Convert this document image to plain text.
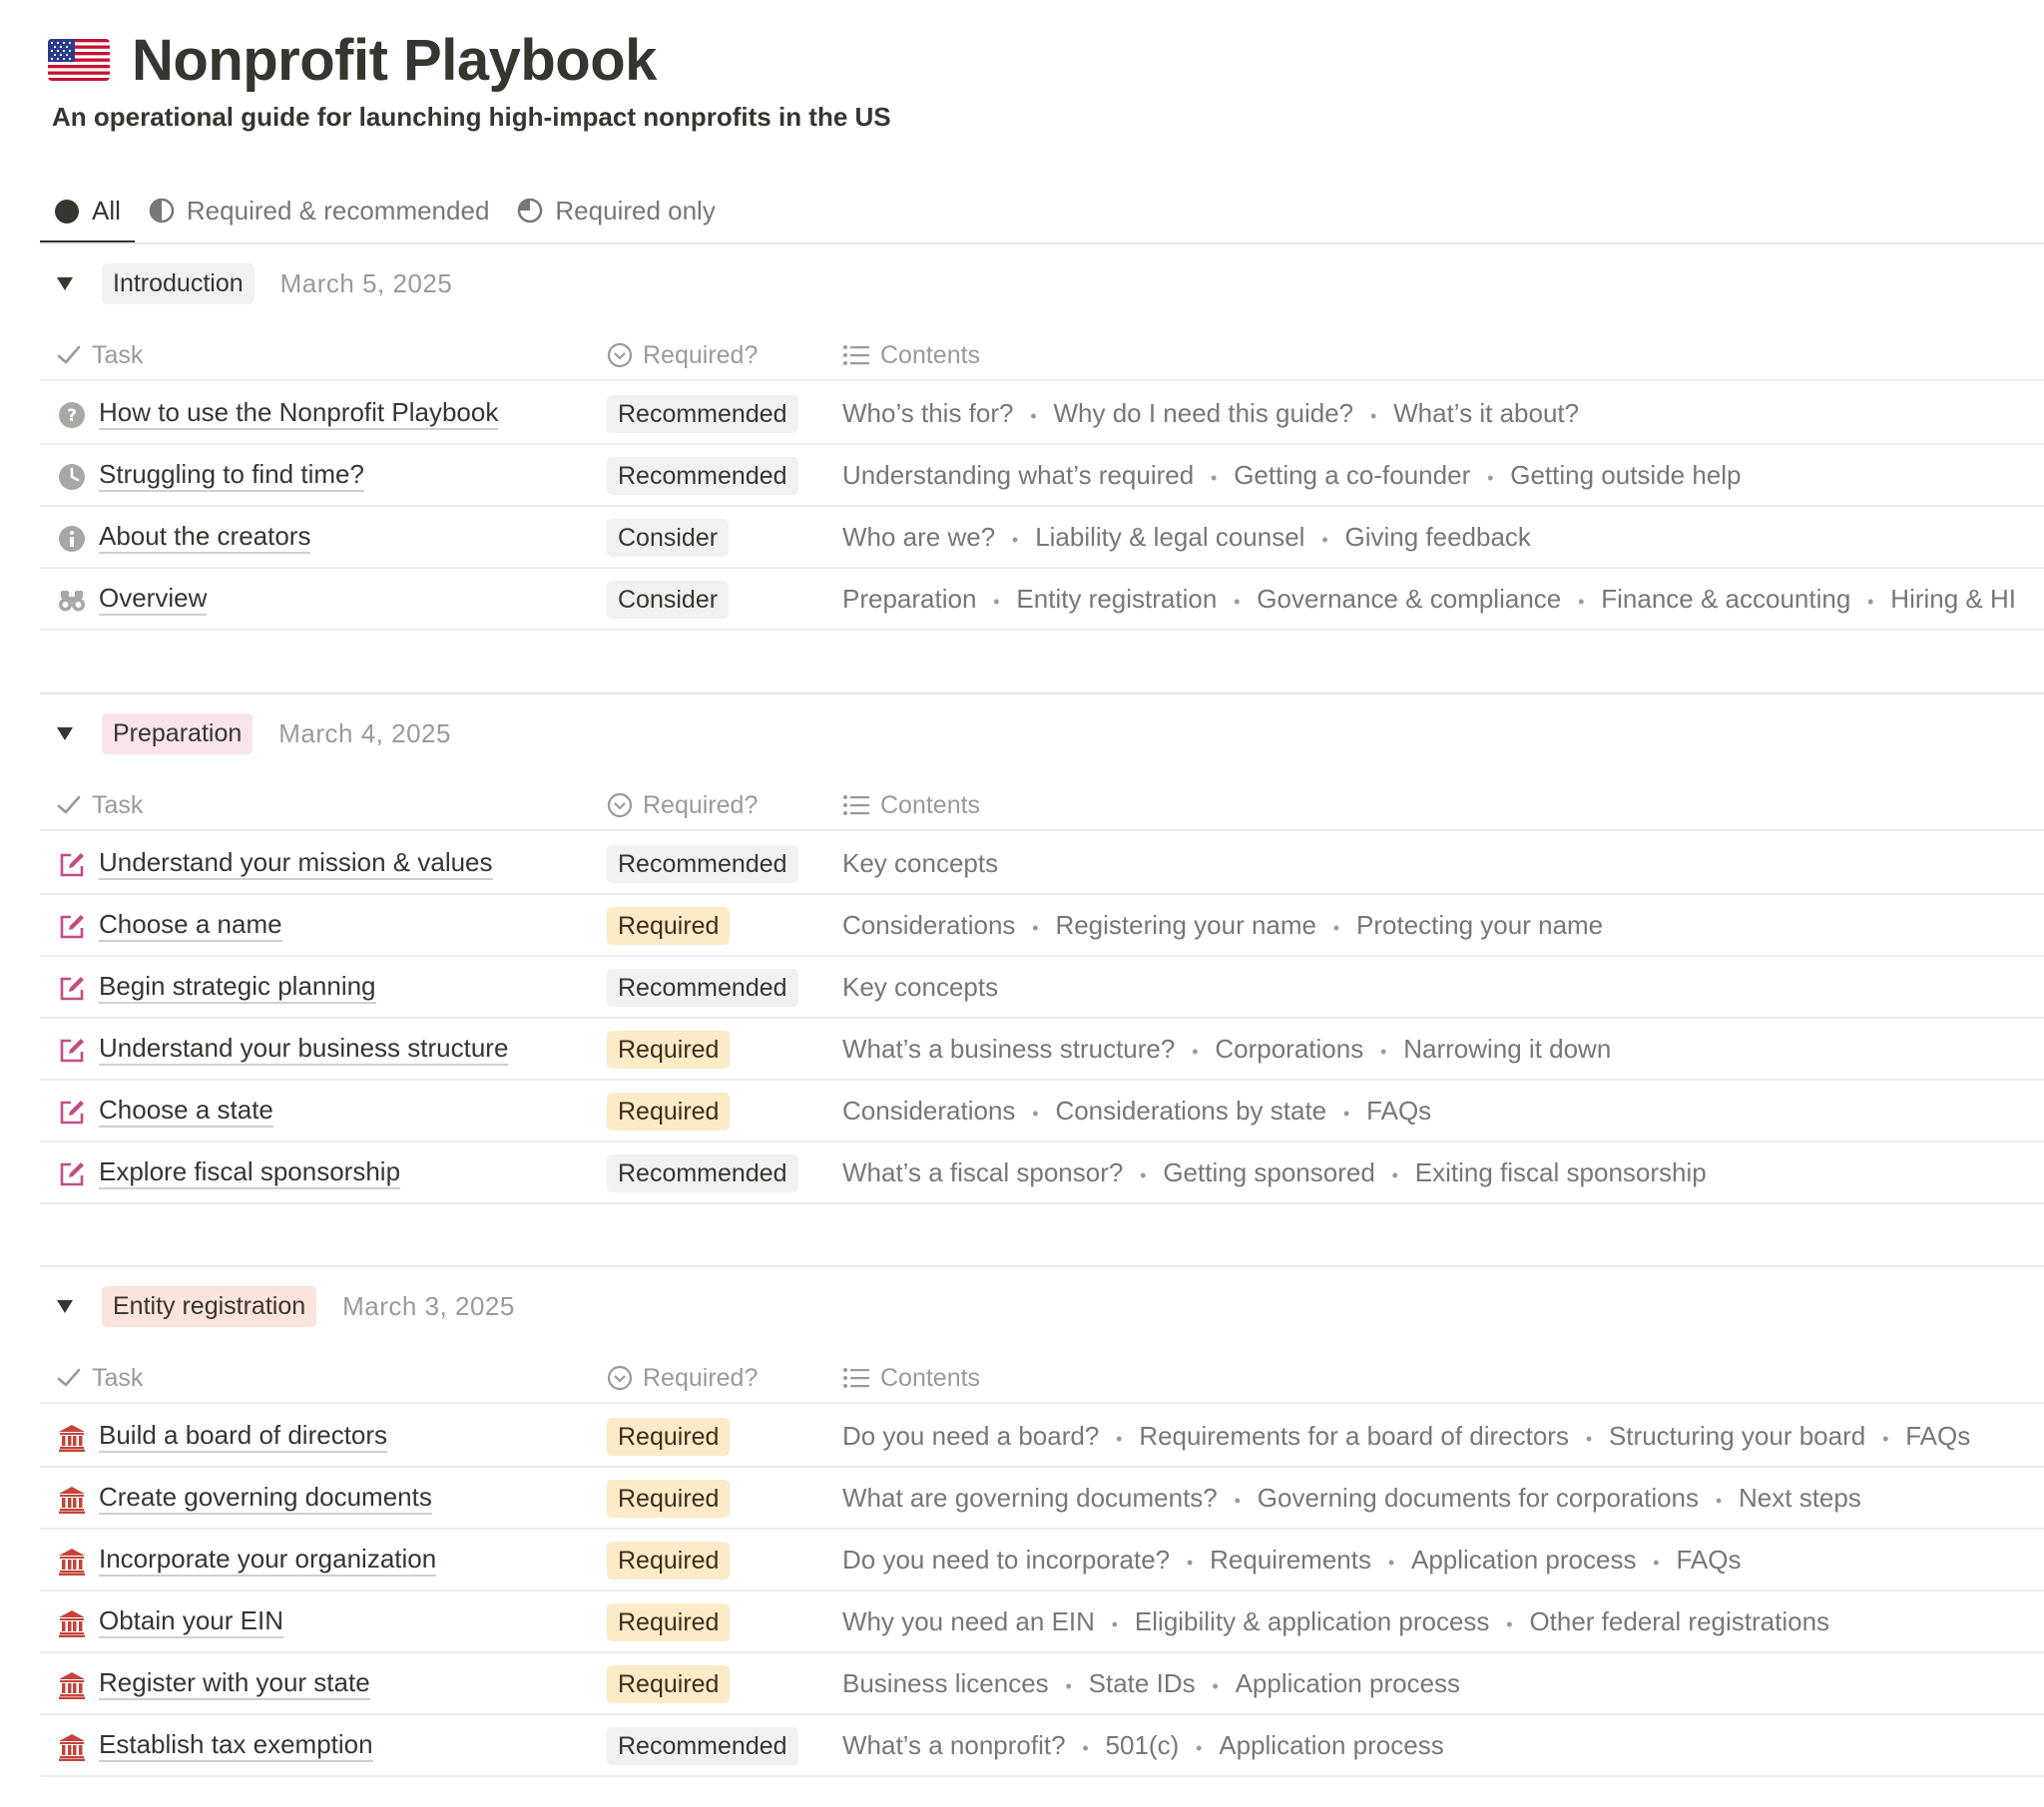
Nonprofit Playbook
An operational guide for launching high-impact nonprofits in the US
All	Required & recommended	Required only
Introduction	March 5, 2025
Task	Required?	Contents
? How to use the Nonprofit Playbook	Recommended	Who’s this for? • Why do I need this guide? • What’s it about?
Struggling to find time?	Recommended	Understanding what’s required • Getting a co-founder • Getting outside help
About the creators	Consider	Who are we? • Liability & legal counsel • Giving feedback
Overview	Consider	Preparation • Entity registration • Governance & compliance • Finance & accounting • Hiring & HI
Preparation	March 4, 2025
Task	Required?	Contents
Understand your mission & values	Recommended	Key concepts
Choose a name	Required	Considerations • Registering your name • Protecting your name
Begin strategic planning	Recommended	Key concepts
Understand your business structure	Required	What’s a business structure? • Corporations • Narrowing it down
Choose a state	Required	Considerations • Considerations by state • FAQs
Explore fiscal sponsorship	Recommended	What’s a fiscal sponsor? • Getting sponsored • Exiting fiscal sponsorship
Entity registration	March 3, 2025
Task	Required?	Contents
Build a board of directors	Required	Do you need a board? • Requirements for a board of directors • Structuring your board • FAQs
Create governing documents	Required	What are governing documents? • Governing documents for corporations • Next steps
Incorporate your organization	Required	Do you need to incorporate? • Requirements • Application process • FAQs
Obtain your EIN	Required	Why you need an EIN • Eligibility & application process • Other federal registrations
Register with your state	Required	Business licences • State IDs • Application process
Establish tax exemption	Recommended	What’s a nonprofit? • 501(c) • Application process
